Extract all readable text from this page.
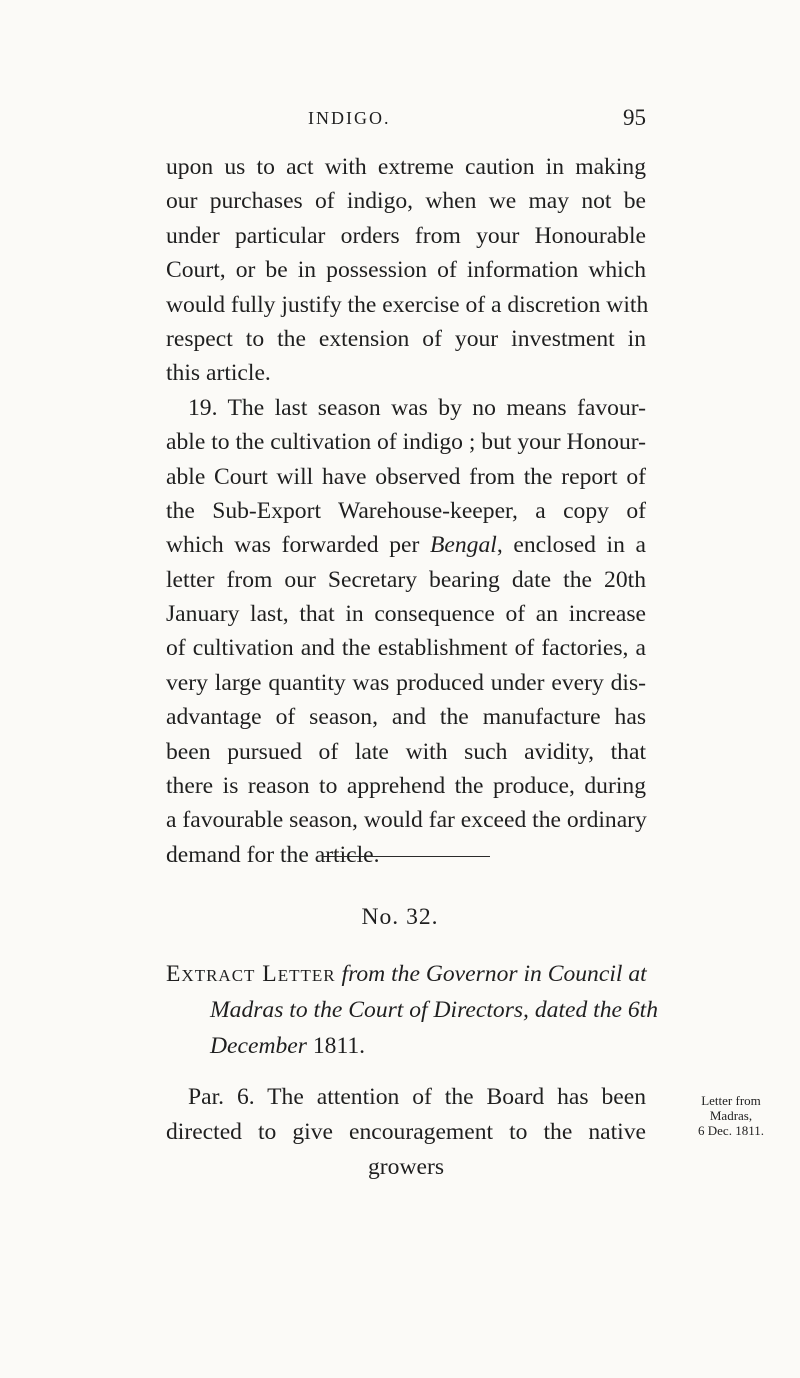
INDIGO.	95
upon us to act with extreme caution in making
our purchases of indigo, when we may not be
under particular orders from your Honourable
Court, or be in possession of information which
would fully justify the exercise of a discretion with
respect to the extension of your investment in
this article.
19. The last season was by no means favour-
able to the cultivation of indigo ; but your Honour-
able Court will have observed from the report of
the Sub-Export Warehouse-keeper, a copy of
which was forwarded per Bengal, enclosed in a
letter from our Secretary bearing date the 20th
January last, that in consequence of an increase
of cultivation and the establishment of factories, a
very large quantity was produced under every dis-
advantage of season, and the manufacture has
been pursued of late with such avidity, that
there is reason to apprehend the produce, during
a favourable season, would far exceed the ordinary
demand for the article.
No. 32.
Extract Letter from the Governor in Council at
Madras to the Court of Directors, dated the 6th
December 1811.
Par. 6. The attention of the Board has been
directed to give encouragement to the native
growers
Letter from
Madras,
6 Dec. 1811.
